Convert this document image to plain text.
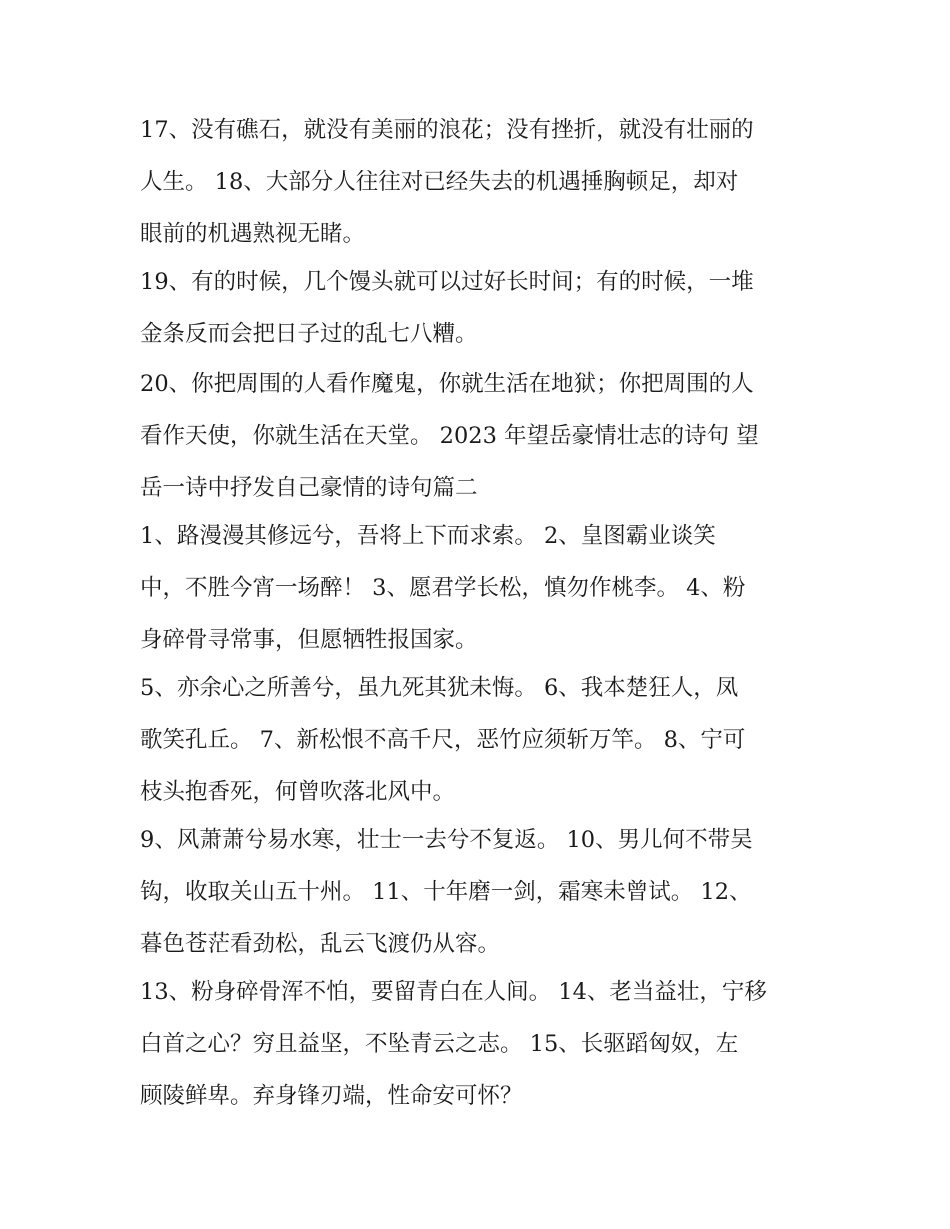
17、没有礁石，就没有美丽的浪花；没有挫折，就没有壮丽的
人生。 18、大部分人往往对已经失去的机遇捶胸顿足，却对
眼前的机遇熟视无睹。
19、有的时候，几个馒头就可以过好长时间；有的时候，一堆
金条反而会把日子过的乱七八糟。
20、你把周围的人看作魔鬼，你就生活在地狱；你把周围的人
看作天使，你就生活在天堂。 2023 年望岳豪情壮志的诗句 望
岳一诗中抒发自己豪情的诗句篇二
1、路漫漫其修远兮，吾将上下而求索。 2、皇图霸业谈笑
中，不胜今宵一场醉！ 3、愿君学长松，慎勿作桃李。 4、粉
身碎骨寻常事，但愿牺牲报国家。
5、亦余心之所善兮，虽九死其犹未悔。 6、我本楚狂人，凤
歌笑孔丘。 7、新松恨不高千尺，恶竹应须斩万竿。 8、宁可
枝头抱香死，何曾吹落北风中。
9、风萧萧兮易水寒，壮士一去兮不复返。 10、男儿何不带吴
钩，收取关山五十州。 11、十年磨一剑，霜寒未曾试。 12、
暮色苍茫看劲松，乱云飞渡仍从容。
13、粉身碎骨浑不怕，要留青白在人间。 14、老当益壮，宁移
白首之心？穷且益坚，不坠青云之志。 15、长驱蹈匈奴，左
顾陵鲜卑。弃身锋刃端，性命安可怀？
